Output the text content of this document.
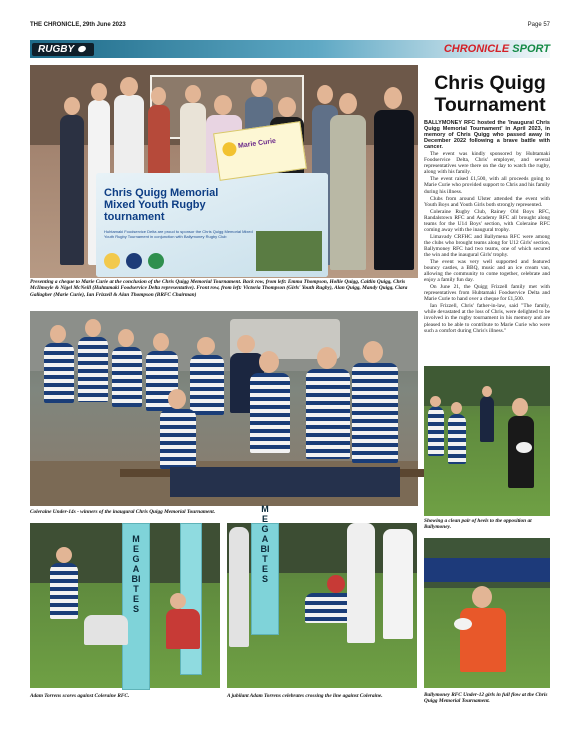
THE CHRONICLE, 29th June 2023	Page 57
RUGBY	CHRONICLE SPORT
Chris Quigg Memorial Mixed Youth Rugby tournament
Huhtamaki Foodservice Delta are proud to sponsor the Chris Quigg Memorial Mixed Youth Rugby Tournament in conjunction with Ballymoney Rugby Club
Marie Curie
Presenting a cheque to Marie Curie at the conclusion of the Chris Quigg Memorial Tournament. Back row, from left: Emma Thompson, Hollie Quigg, Caitlin Quigg, Chris McIlmoyle & Nigel McNeill (Huhtamaki Foodservice Delta representative). Front row, from left: Victoria Thompson (Girls' Youth Rugby), Alan Quigg, Mandy Quigg, Ciara Gallagher (Marie Curie), Ian Frizzell & Alan Thompson (BRFC Chairman)
Coleraine Under-14s - winners of the inaugural Chris Quigg Memorial Tournament.
Showing a clean pair of heels to the opposition at Ballymoney.
MEGABITES
Adam Torrens scores against Coleraine RFC.
MEGABITES
A jubilant Adam Torrens celebrates crossing the line against Coleraine.	Ballymoney RFC Under-12 girls in full flow at the Chris Quigg Memorial Tournament.
Chris Quigg
Tournament

BALLYMONEY RFC hosted the 'Inaugural Chris Quigg Memorial Tournament' in April 2023, in memory of Chris Quigg who passed away in December 2022 following a brave battle with cancer.

The event was kindly sponsored by Hubtamaki Foodservice Delta, Chris' employer, and several representatives were there on the day to watch the rugby, along with his family.

The event raised £1,500, with all proceeds going to Marie Curie who provided support to Chris and his family during his illness.

Clubs from around Ulster attended the event with Youth Boys and Youth Girls both strongly represented.

Coleraine Rugby Club, Rainey Old Boys RFC, Randalstown RFC and Academy RFC all brought along teams for the U14 Boys' section, with Coleraine RFC coming away with the inaugural trophy.

Limavady CRFHC and Ballymena RFC were among the clubs who brought teams along for U12 Girls' section, Ballymoney RFC had two teams, one of which secured the win and the inaugural Girls' trophy.

The event was very well supported and featured bouncy castles, a BBQ, music and an ice cream van, allowing the community to come together, celebrate and enjoy a family fun day.

On June 21, the Quigg Frizzell family met with representatives from Hubtamaki Foodservice Delta and Marie Curie to hand over a cheque for £1,500.

Ian Frizzell, Chris' father-in-law, said "The family, while devastated at the loss of Chris, were delighted to be involved in the rugby tournament in his memory and are pleased to be able to contribute to Marie Curie who were such a comfort during Chris's illness."
